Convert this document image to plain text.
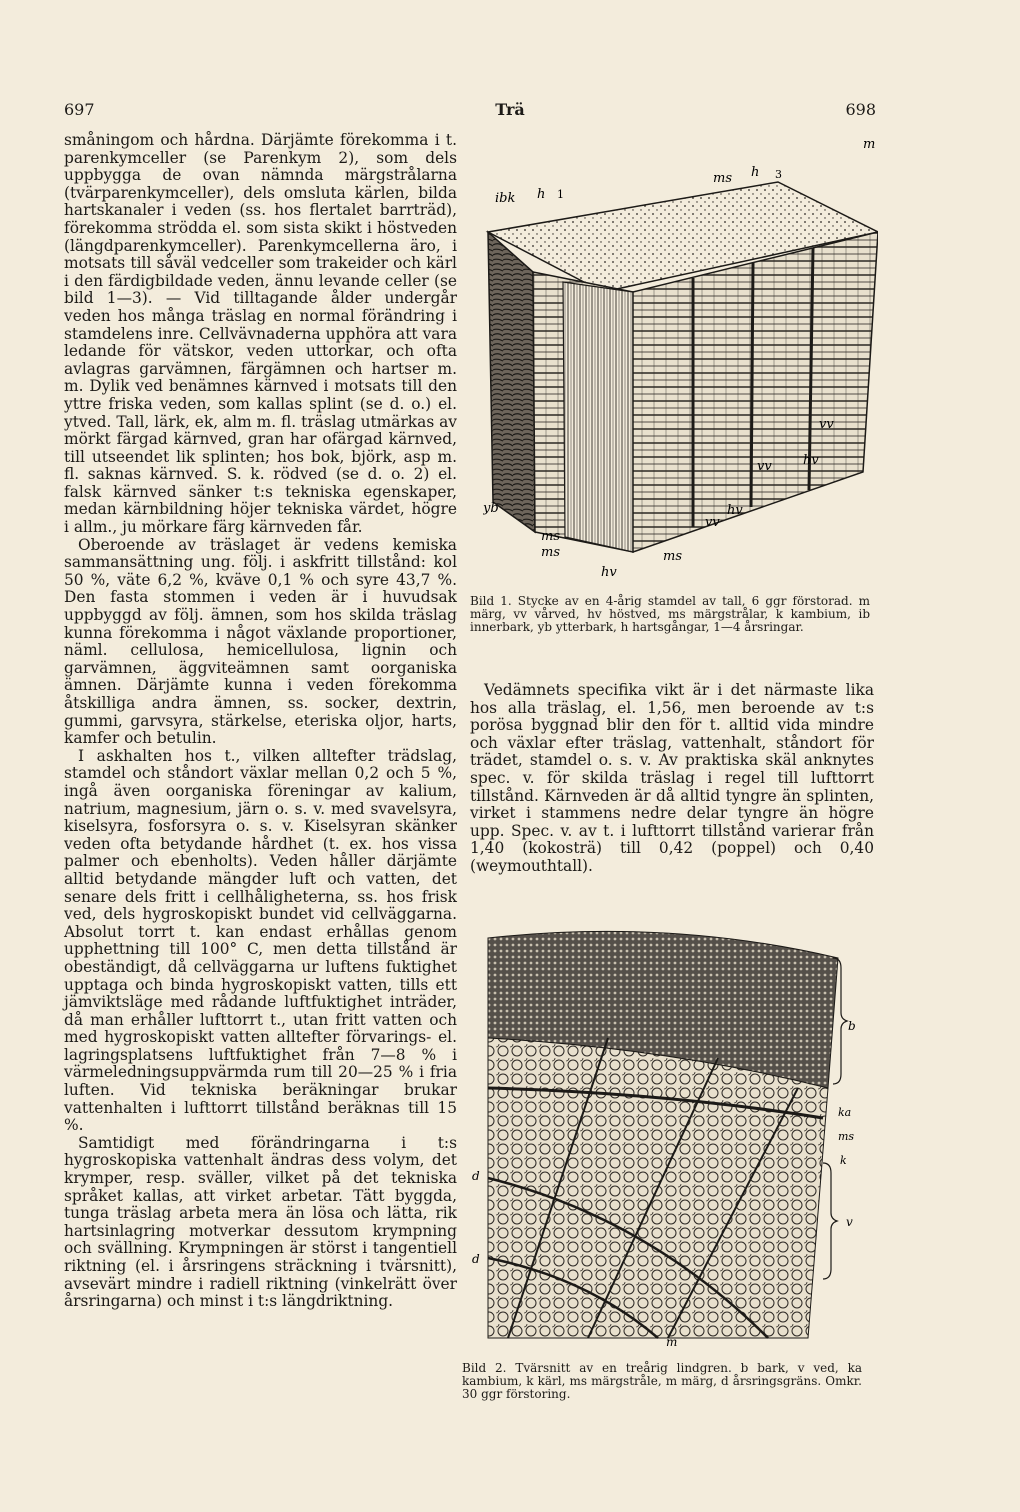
697	Trä	698

småningom och hårdna. Därjämte förekomma i t. parenkymceller (se Parenkym 2), som dels uppbygga de ovan nämnda märgstrålarna (tvärparenkymceller), dels omsluta kärlen, bilda hartskanaler i veden (ss. hos flertalet barrträd), förekomma strödda el. som sista skikt i höstveden (längdparenkymceller). Parenkymcellerna äro, i motsats till såväl vedceller som trakeider och kärl i den färdigbildade veden, ännu levande celler (se bild 1—3). — Vid tilltagande ålder undergår veden hos många träslag en normal förändring i stamdelens inre. Cellvävnaderna upphöra att vara ledande för vätskor, veden uttorkar, och ofta avlagras garvämnen, färgämnen och hartser m. m. Dylik ved benämnes kärnved i motsats till den yttre friska veden, som kallas splint (se d. o.) el. ytved. Tall, lärk, ek, alm m. fl. träslag utmärkas av mörkt färgad kärnved, gran har ofärgad kärnved, till utseendet lik splinten; hos bok, björk, asp m. fl. saknas kärnved. S. k. rödved (se d. o. 2) el. falsk kärnved sänker t:s tekniska egenskaper, medan kärnbildning höjer tekniska värdet, högre i allm., ju mörkare färg kärnveden får.

Oberoende av träslaget är vedens kemiska sammansättning ung. följ. i askfritt tillstånd: kol 50 %, väte 6,2 %, kväve 0,1 % och syre 43,7 %. Den fasta stommen i veden är i huvudsak uppbyggd av följ. ämnen, som hos skilda träslag kunna förekomma i något växlande proportioner, näml. cellulosa, hemicellulosa, lignin och garvämnen, äggviteämnen samt oorganiska ämnen. Därjämte kunna i veden förekomma åtskilliga andra ämnen, ss. socker, dextrin, gummi, garvsyra, stärkelse, eteriska oljor, harts, kamfer och betulin.

I askhalten hos t., vilken alltefter trädslag, stamdel och ståndort växlar mellan 0,2 och 5 %, ingå även oorganiska föreningar av kalium, natrium, magnesium, järn o. s. v. med svavelsyra, kiselsyra, fosforsyra o. s. v. Kiselsyran skänker veden ofta betydande hårdhet (t. ex. hos vissa palmer och ebenholts). Veden håller därjämte alltid betydande mängder luft och vatten, det senare dels fritt i cellhåligheterna, ss. hos frisk ved, dels hygroskopiskt bundet vid cellväggarna. Absolut torrt t. kan endast erhållas genom upphettning till 100° C, men detta tillstånd är obeständigt, då cellväggarna ur luftens fuktighet upptaga och binda hygroskopiskt vatten, tills ett jämviktsläge med rådande luftfuktighet inträder, då man erhåller lufttorrt t., utan fritt vatten och med hygroskopiskt vatten alltefter förvarings- el. lagringsplatsens luftfuktighet från 7—8 % i värmeledningsuppvärmda rum till 20—25 % i fria luften. Vid tekniska beräkningar brukar vattenhalten i lufttorrt tillstånd beräknas till 15 %.

Samtidigt med förändringarna i t:s hygroskopiska vattenhalt ändras dess volym, det krymper, resp. sväller, vilket på det tekniska språket kallas, att virket arbetar. Tätt byggda, tunga träslag arbeta mera än lösa och lätta, rik hartsinlagring motverkar dessutom krympning och svällning. Krympningen är störst i tangentiell riktning (el. i årsringens sträckning i tvärsnitt), avsevärt mindre i radiell riktning (vinkelrätt över årsringarna) och minst i t:s längdriktning.

m
ms h 3
ibk h 1
vv
hv
vv
yb	hv
vv
ms
ms	ms
hv
Bild 1. Stycke av en 4-årig stamdel av tall, 6 ggr förstorad. m märg, vv vårved, hv höstved, ms märgstrålar, k kambium, ib innerbark, yb ytterbark, h hartsgångar, 1—4 årsringar.

Vedämnets specifika vikt är i det närmaste lika hos alla träslag, el. 1,56, men beroende av t:s porösa byggnad blir den för t. alltid vida mindre och växlar efter träslag, vattenhalt, ståndort för trädet, stamdel o. s. v. Av praktiska skäl anknytes spec. v. för skilda träslag i regel till lufttorrt tillstånd. Kärnveden är då alltid tyngre än splinten, virket i stammens nedre delar tyngre än högre upp. Spec. v. av t. i lufttorrt tillstånd varierar från 1,40 (kokosträ) till 0,42 (poppel) och 0,40 (weymouthtall).

b
ka
ms
k
v
d
d
m
Bild 2. Tvärsnitt av en treårig lindgren. b bark, v ved, ka kambium, k kärl, ms märgstråle, m märg, d årsringsgräns. Omkr. 30 ggr förstoring.
